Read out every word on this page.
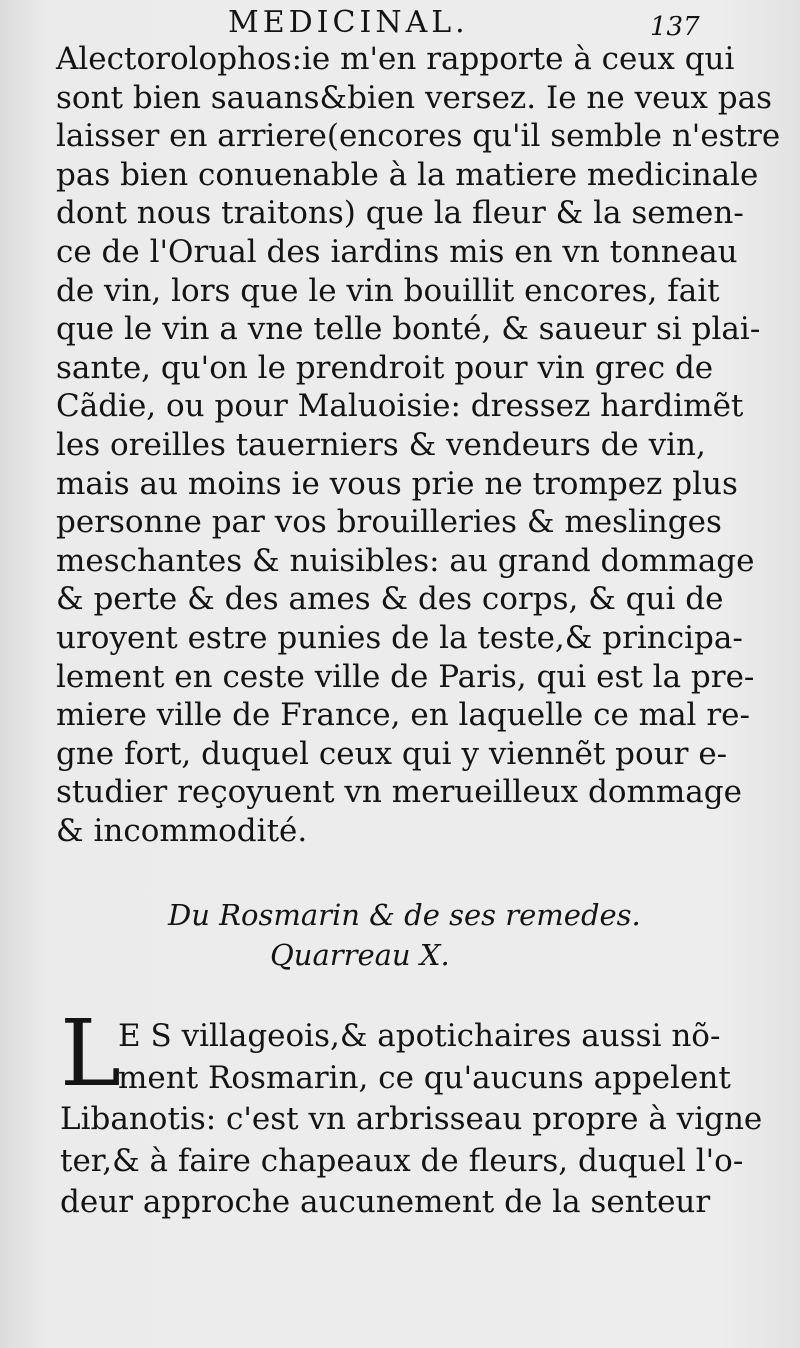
MEDICINAL.	137
Alectorolophos:ie m'en rapporte à ceux qui
sont bien sauans&bien versez. Ie ne veux pas
laisser en arriere(encores qu'il semble n'estre
pas bien conuenable à la matiere medicinale
dont nous traitons) que la fleur & la semen-
ce de l'Orual des iardins mis en vn tonneau
de vin, lors que le vin bouillit encores, fait
que le vin a vne telle bonté, & saueur si plai-
sante, qu'on le prendroit pour vin grec de
Cãdie, ou pour Maluoisie: dressez hardimẽt
les oreilles tauerniers & vendeurs de vin,
mais au moins ie vous prie ne trompez plus
personne par vos brouilleries & meslinges
meschantes & nuisibles: au grand dommage
& perte & des ames & des corps, & qui de
uroyent estre punies de la teste,& principa-
lement en ceste ville de Paris, qui est la pre-
miere ville de France, en laquelle ce mal re-
gne fort, duquel ceux qui y viennẽt pour e-
studier reçoyuent vn merueilleux dommage
& incommodité.
Du Rosmarin & de ses remedes.
Quarreau X.
L
E S villageois,& apotichaires aussi nõ-
ment Rosmarin, ce qu'aucuns appelent
Libanotis: c'est vn arbrisseau propre à vigne
ter,& à faire chapeaux de fleurs, duquel l'o-
deur approche aucunement de la senteur
